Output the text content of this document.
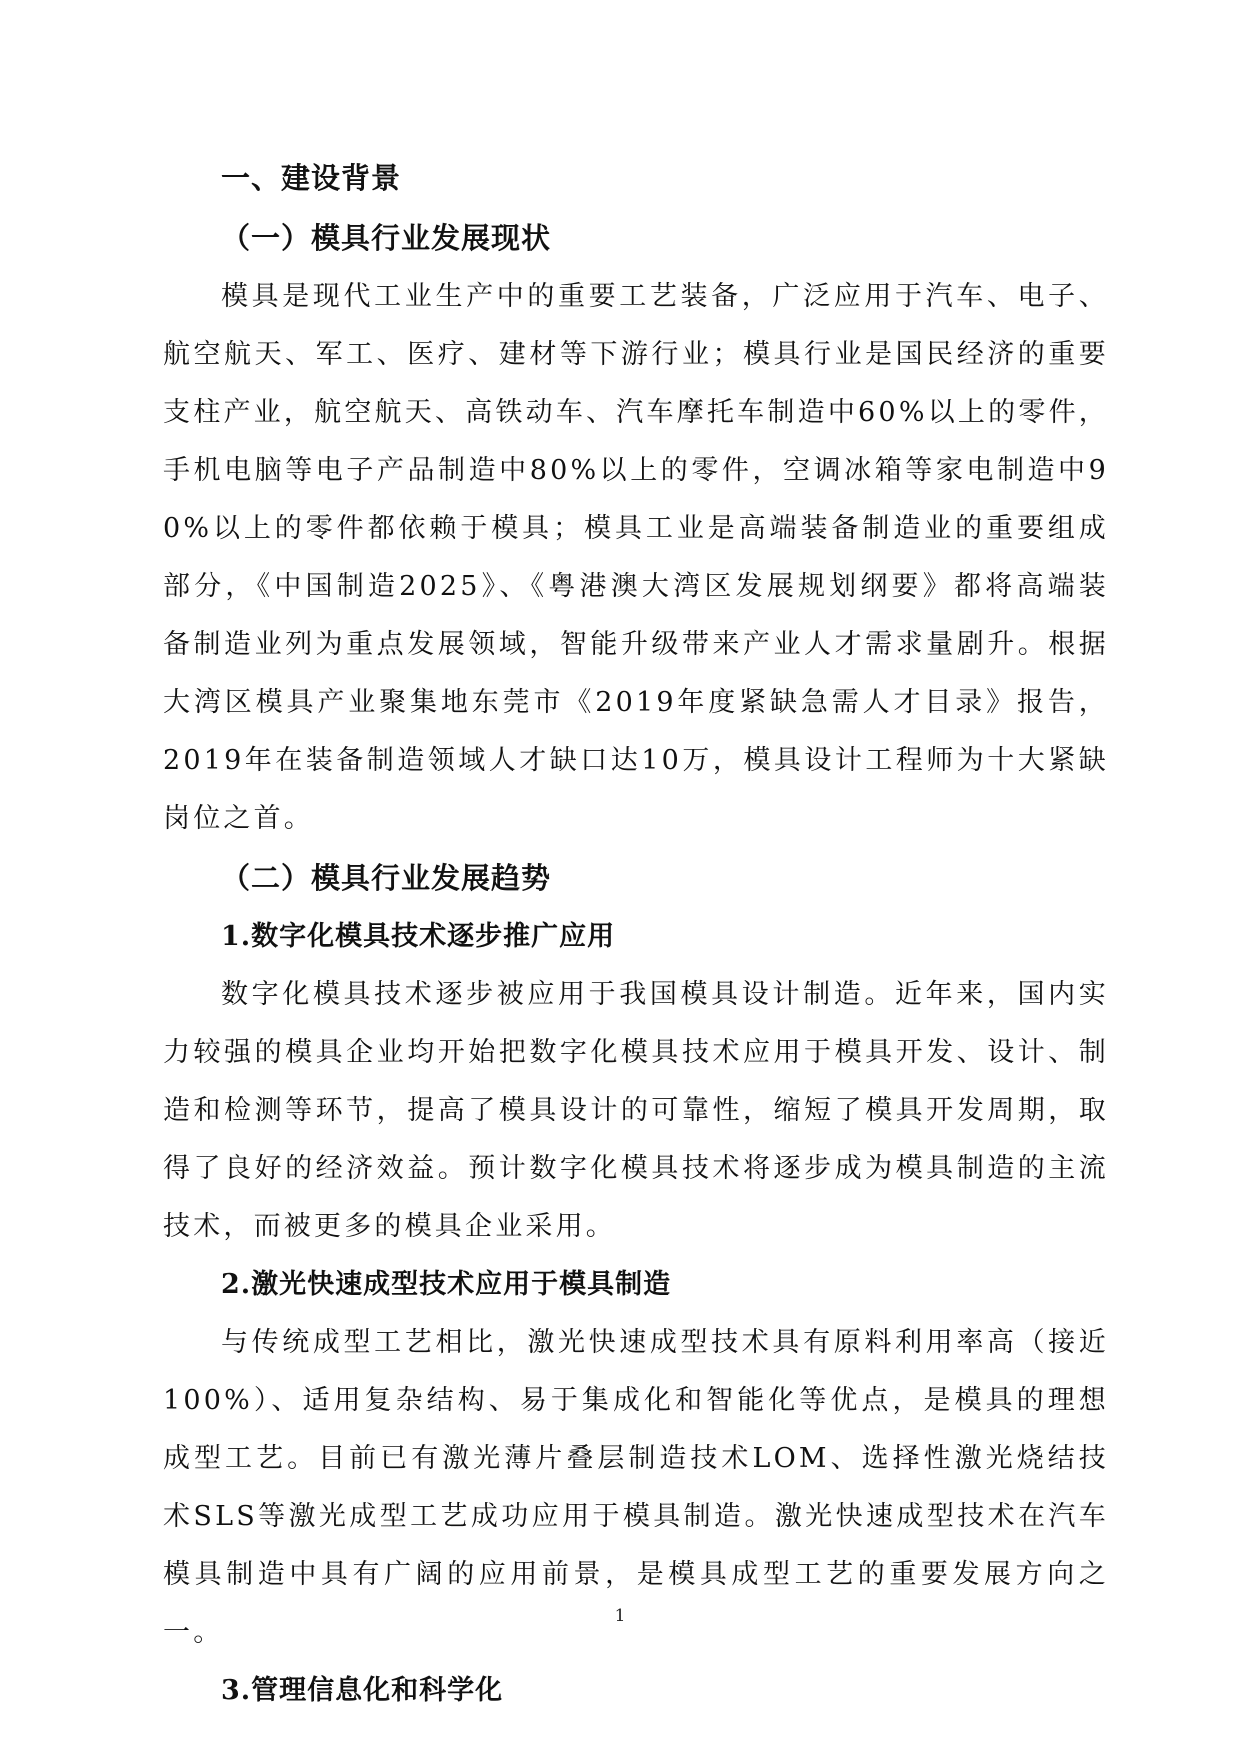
一、建设背景
（一）模具行业发展现状

模具是现代工业生产中的重要工艺装备，广泛应用于汽车、电子、航空航天、军工、医疗、建材等下游行业；模具行业是国民经济的重要支柱产业，航空航天、高铁动车、汽车摩托车制造中60%以上的零件，手机电脑等电子产品制造中80%以上的零件，空调冰箱等家电制造中90%以上的零件都依赖于模具；模具工业是高端装备制造业的重要组成部分，《中国制造2025》、《粤港澳大湾区发展规划纲要》都将高端装备制造业列为重点发展领域，智能升级带来产业人才需求量剧升。根据大湾区模具产业聚集地东莞市《2019年度紧缺急需人才目录》报告，2019年在装备制造领域人才缺口达10万，模具设计工程师为十大紧缺岗位之首。

（二）模具行业发展趋势
1.数字化模具技术逐步推广应用

数字化模具技术逐步被应用于我国模具设计制造。近年来，国内实力较强的模具企业均开始把数字化模具技术应用于模具开发、设计、制造和检测等环节，提高了模具设计的可靠性，缩短了模具开发周期，取得了良好的经济效益。预计数字化模具技术将逐步成为模具制造的主流技术，而被更多的模具企业采用。

2.激光快速成型技术应用于模具制造

与传统成型工艺相比，激光快速成型技术具有原料利用率高（接近100%）、适用复杂结构、易于集成化和智能化等优点，是模具的理想成型工艺。目前已有激光薄片叠层制造技术LOM、选择性激光烧结技术SLS等激光成型工艺成功应用于模具制造。激光快速成型技术在汽车模具制造中具有广阔的应用前景，是模具成型工艺的重要发展方向之一。

3.管理信息化和科学化
1
